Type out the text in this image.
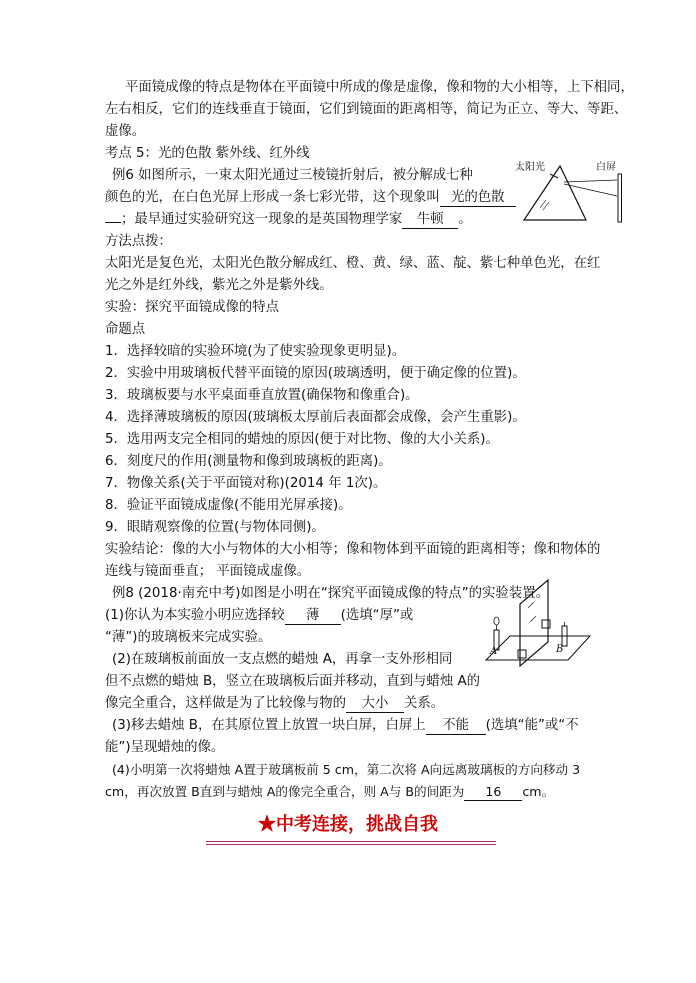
平面镜成像的特点是物体在平面镜中所成的像是虚像，像和物的大小相等，上下相同，
左右相反，它们的连线垂直于镜面，它们到镜面的距离相等，简记为正立、等大、等距、
虚像。
考点 5：光的色散 紫外线、红外线
例6 如图所示，一束太阳光通过三棱镜折射后，被分解成七种
颜色的光，在白色光屏上形成一条七彩光带，这个现象叫 光的色散
；最早通过实验研究这一现象的是英国物理学家 牛顿 。
太阳光	白屏
方法点拨：
太阳光是复色光，太阳光色散分解成红、橙、黄、绿、蓝、靛、紫七种单色光，在红
光之外是红外线，紫光之外是紫外线。
实验：探究平面镜成像的特点
命题点
1．选择较暗的实验环境(为了使实验现象更明显)。
2．实验中用玻璃板代替平面镜的原因(玻璃透明，便于确定像的位置)。
3．玻璃板要与水平桌面垂直放置(确保物和像重合)。
4．选择薄玻璃板的原因(玻璃板太厚前后表面都会成像，会产生重影)。
5．选用两支完全相同的蜡烛的原因(便于对比物、像的大小关系)。
6．刻度尺的作用(测量物和像到玻璃板的距离)。
7．物像关系(关于平面镜对称)(2014 年 1次)。
8．验证平面镜成虚像(不能用光屏承接)。
9．眼睛观察像的位置(与物体同侧)。
实验结论：像的大小与物体的大小相等；像和物体到平面镜的距离相等；像和物体的
连线与镜面垂直； 平面镜成虚像。
例8 (2018·南充中考)如图是小明在“探究平面镜成像的特点”的实验装置。
(1)你认为本实验小明应选择较 薄 (选填“厚”或
“薄”)的玻璃板来完成实验。
(2)在玻璃板前面放一支点燃的蜡烛 A，再拿一支外形相同
但不点燃的蜡烛 B，竖立在玻璃板后面并移动，直到与蜡烛 A的
像完全重合，这样做是为了比较像与物的 大小 关系。
A	B
(3)移去蜡烛 B，在其原位置上放置一块白屏，白屏上 不能 (选填“能”或“不
能”)呈现蜡烛的像。
(4)小明第一次将蜡烛 A置于玻璃板前 5 cm，第二次将 A向远离玻璃板的方向移动 3
cm，再次放置 B直到与蜡烛 A的像完全重合，则 A与 B的间距为 16 cm。
★中考连接，挑战自我
